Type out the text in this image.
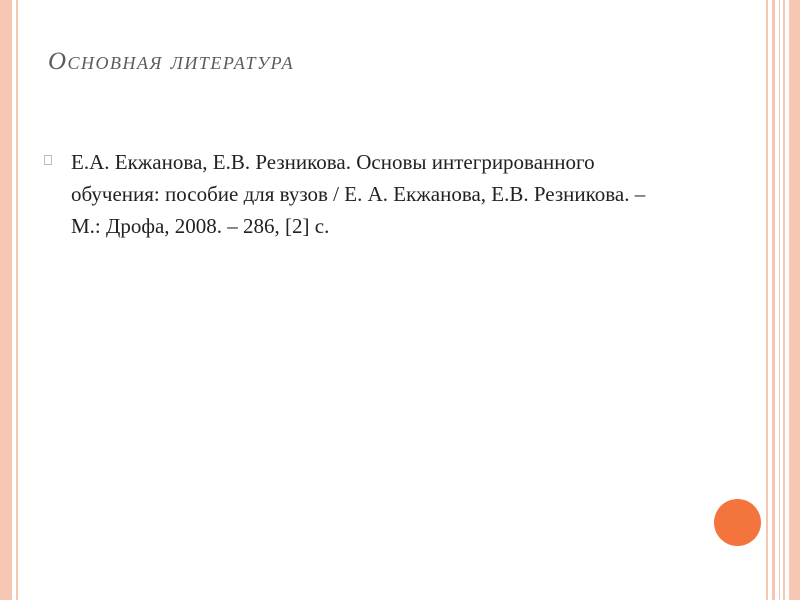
Основная литература
Е.А. Екжанова, Е.В. Резникова. Основы интегрированного обучения: пособие для вузов / Е. А. Екжанова, Е.В. Резникова. – М.: Дрофа, 2008. – 286, [2] с.
